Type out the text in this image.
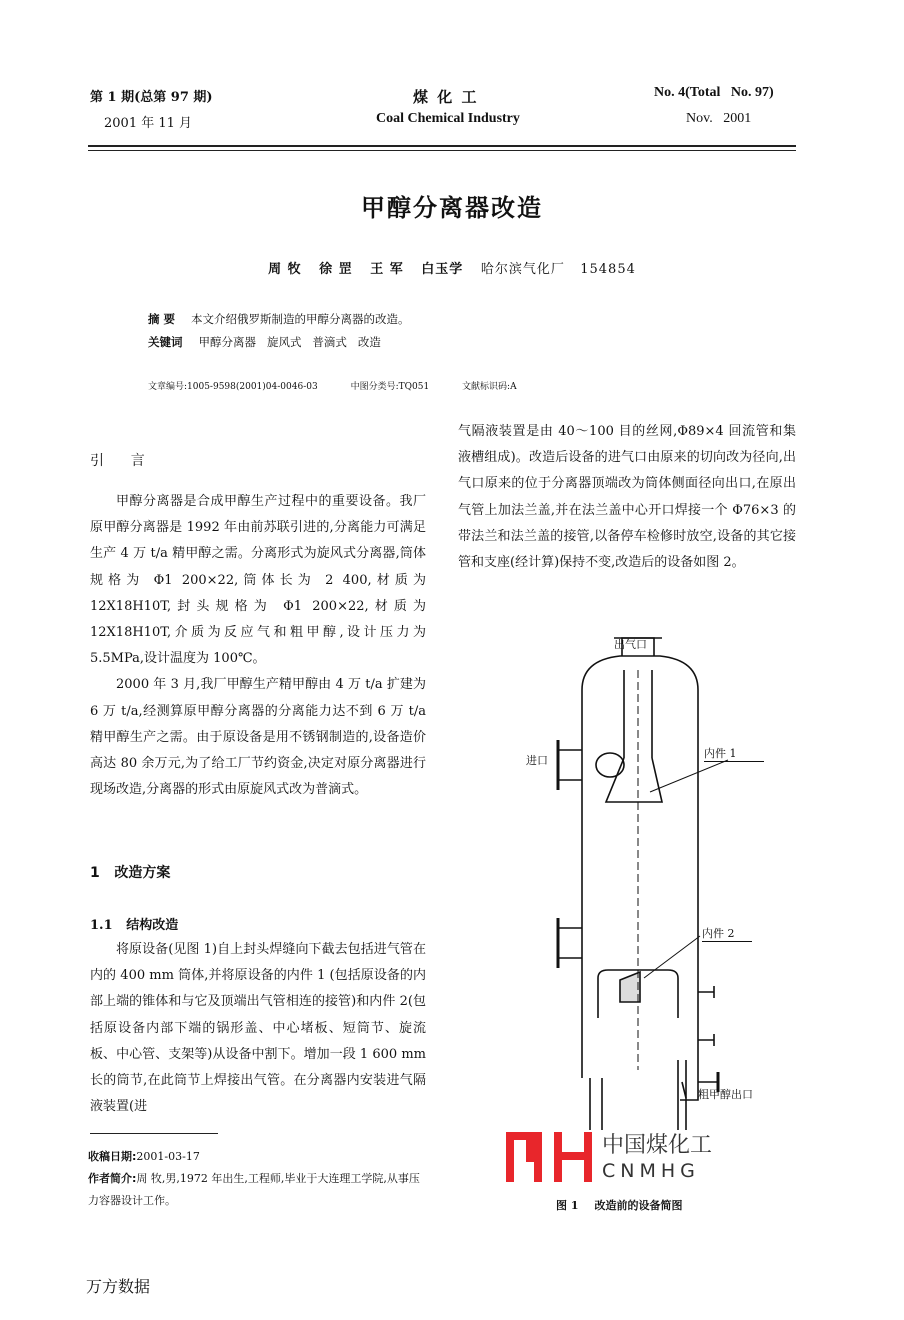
第 1 期(总第 97 期)
2001 年 11 月
煤 化 工
Coal Chemical Industry
No. 4(Total   No. 97)
Nov.   2001
甲醇分离器改造
周 牧 徐 罡 王 军 白玉学 哈尔滨气化厂   154854
摘 要 本文介绍俄罗斯制造的甲醇分离器的改造。
关键词 甲醇分离器   旋风式   普滴式   改造
文章编号:1005-9598(2001)04-0046-03	中图分类号:TQ051	文献标识码:A
引      言

甲醇分离器是合成甲醇生产过程中的重要设备。我厂原甲醇分离器是 1992 年由前苏联引进的,分离能力可满足生产 4 万 t/a 精甲醇之需。分离形式为旋风式分离器,筒体规格为 Φ1 200×22,筒体长为 2 400,材质为 12X18H10T,封头规格为 Φ1 200×22,材质为 12X18H10T,介质为反应气和粗甲醇,设计压力为 5.5MPa,设计温度为 100℃。

2000 年 3 月,我厂甲醇生产精甲醇由 4 万 t/a 扩建为 6 万 t/a,经测算原甲醇分离器的分离能力达不到 6 万 t/a 精甲醇生产之需。由于原设备是用不锈钢制造的,设备造价高达 80 余万元,为了给工厂节约资金,决定对原分离器进行现场改造,分离器的形式由原旋风式改为普滴式。

1   改造方案
1.1   结构改造

将原设备(见图 1)自上封头焊缝向下截去包括进气管在内的 400 mm 筒体,并将原设备的内件 1 (包括原设备的内部上端的锥体和与它及顶端出气管相连的接管)和内件 2(包括原设备内部下端的锅形盖、中心堵板、短筒节、旋流板、中心管、支架等)从设备中割下。增加一段 1 600 mm 长的筒节,在此筒节上焊接出气管。在分离器内安装进气隔液装置(进

收稿日期:2001-03-17
作者简介:周 牧,男,1972 年出生,工程师,毕业于大连理工学院,从事压力容器设计工作。

气隔液装置是由 40～100 目的丝网,Φ89×4 回流管和集液槽组成)。改造后设备的进气口由原来的切向改为径向,出气口原来的位于分离器顶端改为筒体侧面径向出口,在原出气管上加法兰盖,并在法兰盖中心开口焊接一个 Φ76×3 的带法兰和法兰盖的接管,以备停车检修时放空,设备的其它接管和支座(经计算)保持不变,改造后的设备如图 2。

出气口
进口
内件 1
内件 2
粗甲醇出口
中国煤化工
CNMHG
图 1 改造前的设备简图
万方数据
